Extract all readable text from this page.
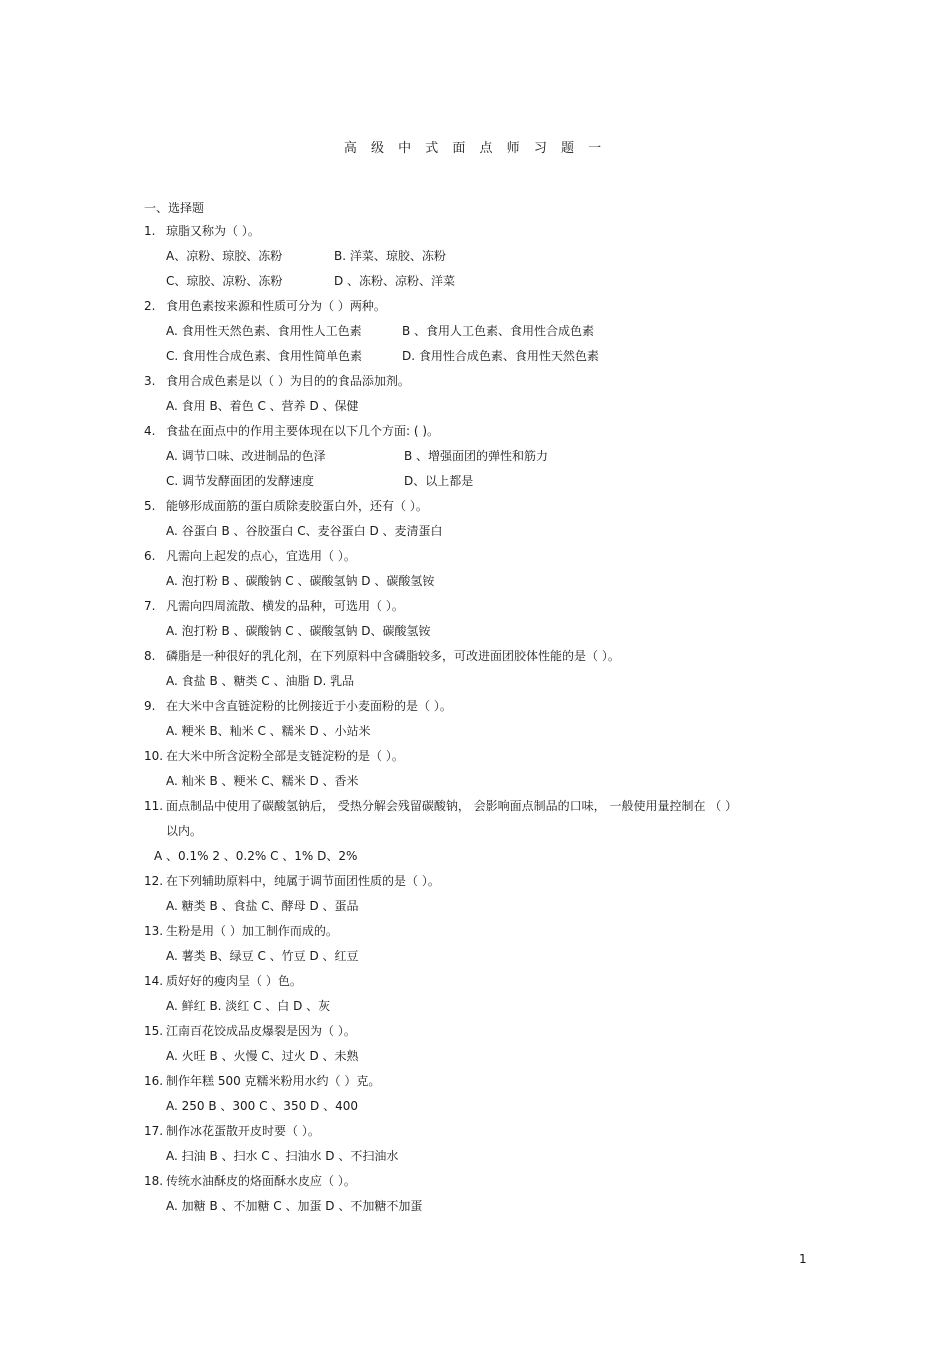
高 级 中 式 面 点 师 习 题 一
一、选择题
1. 琼脂又称为（ ）。
A、凉粉、琼胶、冻粉	B. 洋菜、琼胶、冻粉
C、琼胶、凉粉、冻粉	D 、冻粉、凉粉、洋菜
2. 食用色素按来源和性质可分为（ ）两种。
A. 食用性天然色素、食用性人工色素	B 、食用人工色素、食用性合成色素
C. 食用性合成色素、食用性简单色素	D. 食用性合成色素、食用性天然色素
3. 食用合成色素是以（ ）为目的的食品添加剂。
A. 食用 B、着色 C 、营养 D 、保健
4. 食盐在面点中的作用主要体现在以下几个方面: ( )。
A. 调节口味、改进制品的色泽	B 、增强面团的弹性和筋力
C. 调节发酵面团的发酵速度	D、以上都是
5. 能够形成面筋的蛋白质除麦胶蛋白外，还有（ ）。
A. 谷蛋白 B 、谷胶蛋白 C、麦谷蛋白 D 、麦清蛋白
6. 凡需向上起发的点心，宜选用（ ）。
A. 泡打粉 B 、碳酸钠 C 、碳酸氢钠 D 、碳酸氢铵
7. 凡需向四周流散、横发的品种，可选用（ ）。
A. 泡打粉 B 、碳酸钠 C 、碳酸氢钠 D、碳酸氢铵
8. 磷脂是一种很好的乳化剂，在下列原料中含磷脂较多，可改进面团胶体性能的是（ ）。
A. 食盐 B 、糖类 C 、油脂 D. 乳品
9. 在大米中含直链淀粉的比例接近于小麦面粉的是（ ）。
A. 粳米 B、籼米 C 、糯米 D 、小站米
10. 在大米中所含淀粉全部是支链淀粉的是（ ）。
A. 籼米 B 、粳米 C、糯米 D 、香米
11. 面点制品中使用了碳酸氢钠后， 受热分解会残留碳酸钠， 会影响面点制品的口味， 一般使用量控制在 （ ）
以内。
A 、0.1% 2 、0.2% C 、1% D、2%
12. 在下列辅助原料中，纯属于调节面团性质的是（ ）。
A. 糖类 B 、食盐 C、酵母 D 、蛋品
13. 生粉是用（ ）加工制作而成的。
A. 薯类 B、绿豆 C 、竹豆 D 、红豆
14. 质好好的瘦肉呈（ ）色。
A. 鲜红 B. 淡红 C 、白 D 、灰
15. 江南百花饺成品皮爆裂是因为（ ）。
A. 火旺 B 、火慢 C、过火 D 、未熟
16. 制作年糕 500 克糯米粉用水约（ ）克。
A. 250 B 、300 C 、350 D 、400
17. 制作冰花蛋散开皮时要（ ）。
A. 扫油 B 、扫水 C 、扫油水 D 、不扫油水
18. 传统水油酥皮的烙面酥水皮应（ ）。
A. 加糖 B 、不加糖 C 、加蛋 D 、不加糖不加蛋
1
